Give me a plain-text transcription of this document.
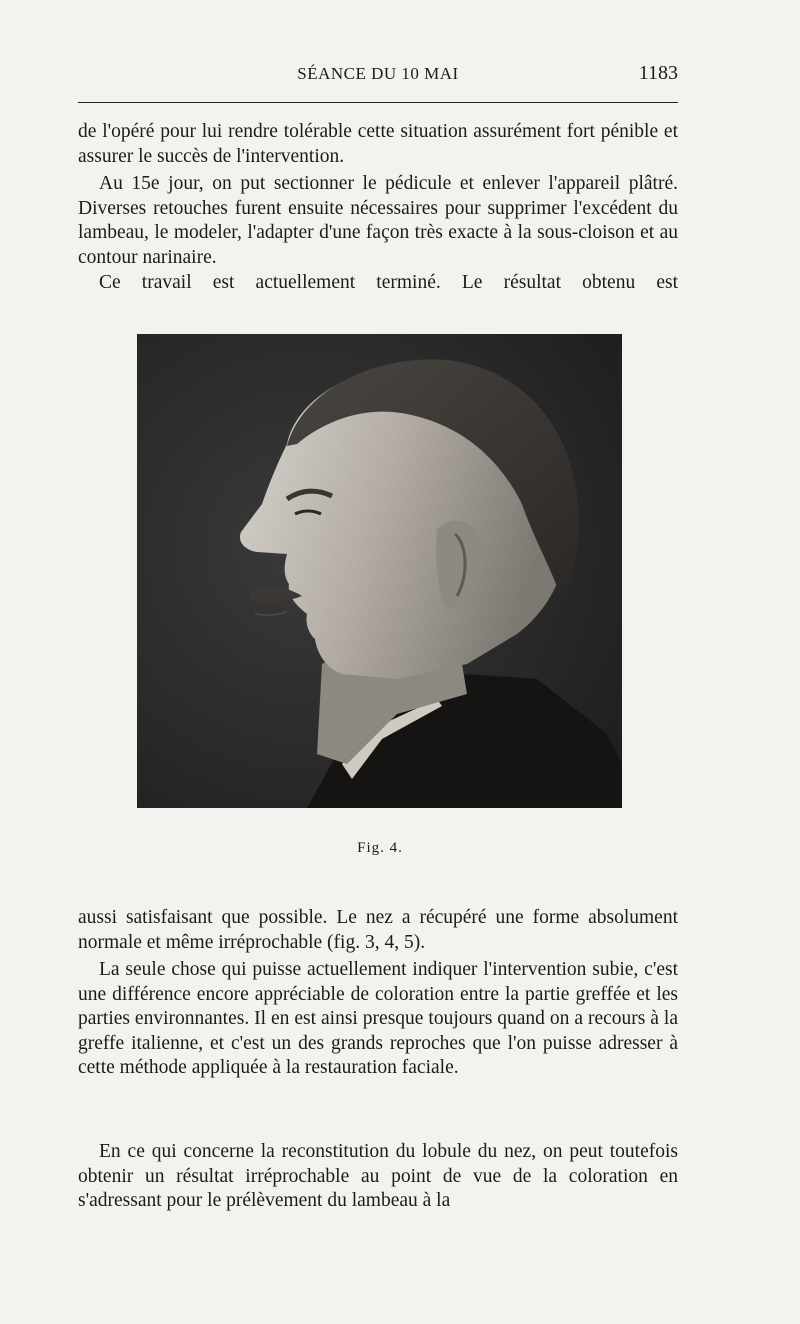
SÉANCE DU 10 MAI	1183

de l'opéré pour lui rendre tolérable cette situation assurément fort pénible et assurer le succès de l'intervention.

Au 15e jour, on put sectionner le pédicule et enlever l'appareil plâtré. Diverses retouches furent ensuite nécessaires pour supprimer l'excédent du lambeau, le modeler, l'adapter d'une façon très exacte à la sous-cloison et au contour narinaire.

Ce travail est actuellement terminé. Le résultat obtenu est

Fig. 4.

aussi satisfaisant que possible. Le nez a récupéré une forme absolument normale et même irréprochable (fig. 3, 4, 5).

La seule chose qui puisse actuellement indiquer l'intervention subie, c'est une différence encore appréciable de coloration entre la partie greffée et les parties environnantes. Il en est ainsi presque toujours quand on a recours à la greffe italienne, et c'est un des grands reproches que l'on puisse adresser à cette méthode appliquée à la restauration faciale.

En ce qui concerne la reconstitution du lobule du nez, on peut toutefois obtenir un résultat irréprochable au point de vue de la coloration en s'adressant pour le prélèvement du lambeau à la
